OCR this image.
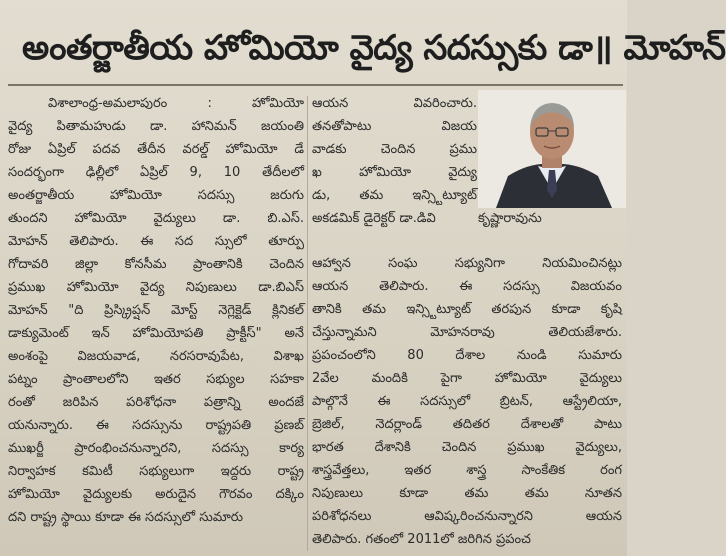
అంతర్జాతీయ హోమియో వైద్య సదస్సుకు డా॥ మోహన్
విశాలాంధ్ర-అమలాపురం : హోమియో
వైద్య పితామహుడు డా. హానిమన్ జయంతి
రోజు ఏప్రిల్ పదవ తేదీన వరల్డ్ హోమియో డే
సందర్భంగా ఢిల్లీలో ఏప్రిల్ 9, 10 తేదీలలో
అంతర్జాతీయ హోమియో సదస్సు జరుగు
తుందని హోమియో వైద్యులు డా. బి.ఎస్.
మోహన్ తెలిపారు. ఈ సద స్సులో తూర్పు
గోదావరి జిల్లా కోనసీమ ప్రాంతానికి చెందిన
ప్రముఖ హోమియో వైద్య నిపుణులు డా.బిఎస్
మోహన్ "ది ప్రిస్క్రిప్షన్ మోస్ట్ నెగ్లెక్టెడ్ క్లినికల్
డాక్యుమెంట్ ఇన్ హోమియోపతి ప్రాక్టీస్" అనే
అంశంపై విజయవాడ, నరసరావుపేట, విశాఖ
పట్నం ప్రాంతాలలోని ఇతర సభ్యుల సహకా
రంతో జరిపిన పరిశోధనా పత్రాన్ని అందజే
యనున్నారు. ఈ సదస్సును రాష్ట్రపతి ప్రణబ్
ముఖర్జీ ప్రారంభించనున్నారని, సదస్సు కార్య
నిర్వాహక కమిటీ సభ్యులుగా ఇద్దరు రాష్ట్ర
హోమియో వైద్యులకు అరుదైన గౌరవం దక్కిం
దని రాష్ట్ర స్థాయి కూడా ఈ సదస్సులో సుమారు
ఆయన వివరించారు.
తనతోపాటు విజయ
వాడకు చెందిన ప్రము
ఖ హోమియో వైద్యు
డు, తమ ఇన్స్టిట్యూట్
అకడమిక్ డైరెక్టర్ డా.డివి
ఆహ్వాన సంఘ సభ్యునిగా నియమించినట్లు
ఆయన తెలిపారు. ఈ సదస్సు విజయవం
తానికి తమ ఇన్స్టిట్యూట్ తరపున కూడా కృషి
చేస్తున్నామని మోహనరావు తెలియజేశారు.
ప్రపంచంలోని 80 దేశాల నుండి సుమారు
2వేల మందికి పైగా హోమియో వైద్యులు
పాల్గొనే ఈ సదస్సులో బ్రిటన్, ఆస్ట్రేలియా,
బ్రెజిల్, నెదర్లాండ్ తదితర దేశాలతో పాటు
భారత దేశానికి చెందిన ప్రముఖ వైద్యులు,
శాస్త్రవేత్తలు, ఇతర శాస్త్ర సాంకేతిక రంగ
నిపుణులు కూడా తమ తమ నూతన
పరిశోధనలు ఆవిష్కరించనున్నారని ఆయన
తెలిపారు. గతంలో 2011లో జరిగిన ప్రపంచ
కృష్ణారావును
